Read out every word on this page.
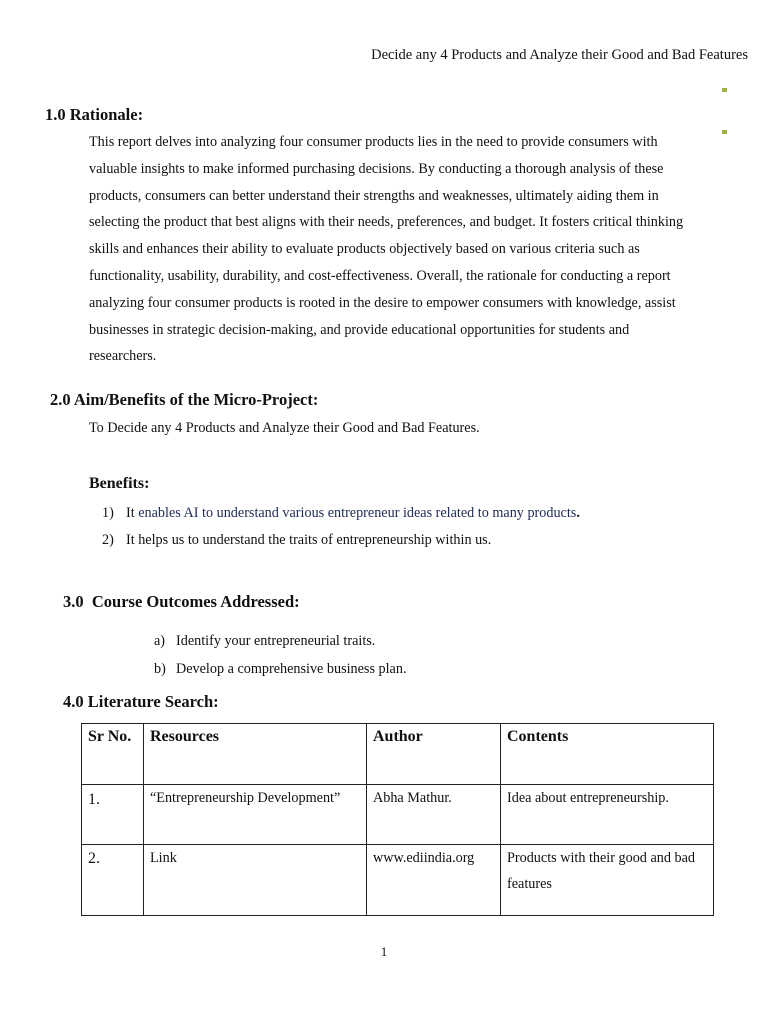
Decide any 4 Products and Analyze their Good and Bad Features
1.0 Rationale:
This report delves into analyzing four consumer products lies in the need to provide consumers with
valuable insights to make informed purchasing decisions. By conducting a thorough analysis of these
products, consumers can better understand their strengths and weaknesses, ultimately aiding them in
selecting the product that best aligns with their needs, preferences, and budget. It fosters critical thinking
skills and enhances their ability to evaluate products objectively based on various criteria such as
functionality, usability, durability, and cost-effectiveness. Overall, the rationale for conducting a report
analyzing four consumer products is rooted in the desire to empower consumers with knowledge, assist
businesses in strategic decision-making, and provide educational opportunities for students and
researchers.
2.0 Aim/Benefits of the Micro-Project:
To Decide any 4 Products and Analyze their Good and Bad Features.
Benefits:
1) It enables AI to understand various entrepreneur ideas related to many products.
2) It helps us to understand the traits of entrepreneurship within us.
3.0  Course Outcomes Addressed:
a) Identify your entrepreneurial traits.
b) Develop a comprehensive business plan.
4.0 Literature Search:
Sr No.	Resources	Author	Contents
1.	“Entrepreneurship Development”	Abha Mathur.	Idea about entrepreneurship.
2.	Link	www.ediindia.org	Products with their good and bad features
1
